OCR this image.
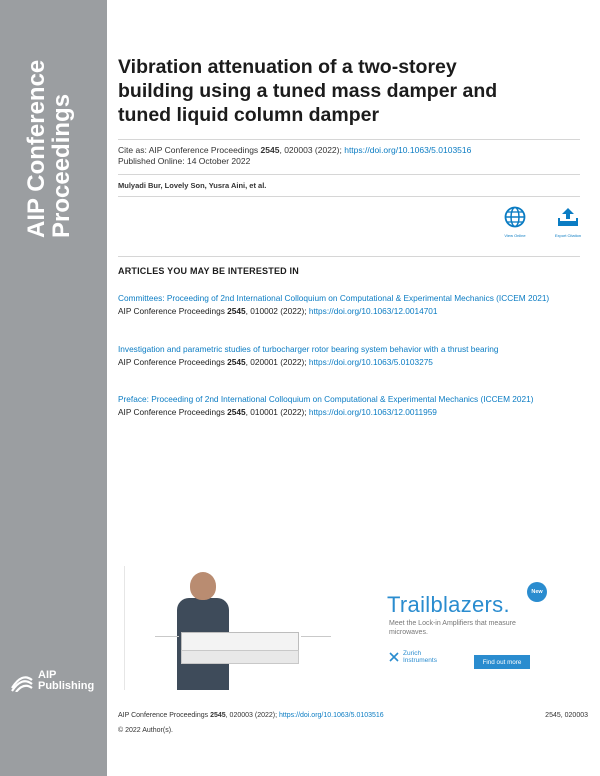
AIP Conference
Proceedings
AIP
Publishing
Vibration attenuation of a two-storey
building using a tuned mass damper and
tuned liquid column damper
Cite as: AIP Conference Proceedings 2545, 020003 (2022); https://doi.org/10.1063/5.0103516
Published Online: 14 October 2022
Mulyadi Bur, Lovely Son, Yusra Aini, et al.
View Online	Export Citation
ARTICLES YOU MAY BE INTERESTED IN
Committees: Proceeding of 2nd International Colloquium on Computational & Experimental Mechanics (ICCEM 2021)
AIP Conference Proceedings 2545, 010002 (2022); https://doi.org/10.1063/12.0014701
Investigation and parametric studies of turbocharger rotor bearing system behavior with a thrust bearing
AIP Conference Proceedings 2545, 020001 (2022); https://doi.org/10.1063/5.0103275
Preface: Proceeding of 2nd International Colloquium on Computational & Experimental Mechanics (ICCEM 2021)
AIP Conference Proceedings 2545, 010001 (2022); https://doi.org/10.1063/12.0011959
Trailblazers.	New
Meet the Lock-in Amplifiers that measure microwaves.
Zurich
Instruments	Find out more
AIP Conference Proceedings 2545, 020003 (2022); https://doi.org/10.1063/5.0103516	2545, 020003
© 2022 Author(s).
